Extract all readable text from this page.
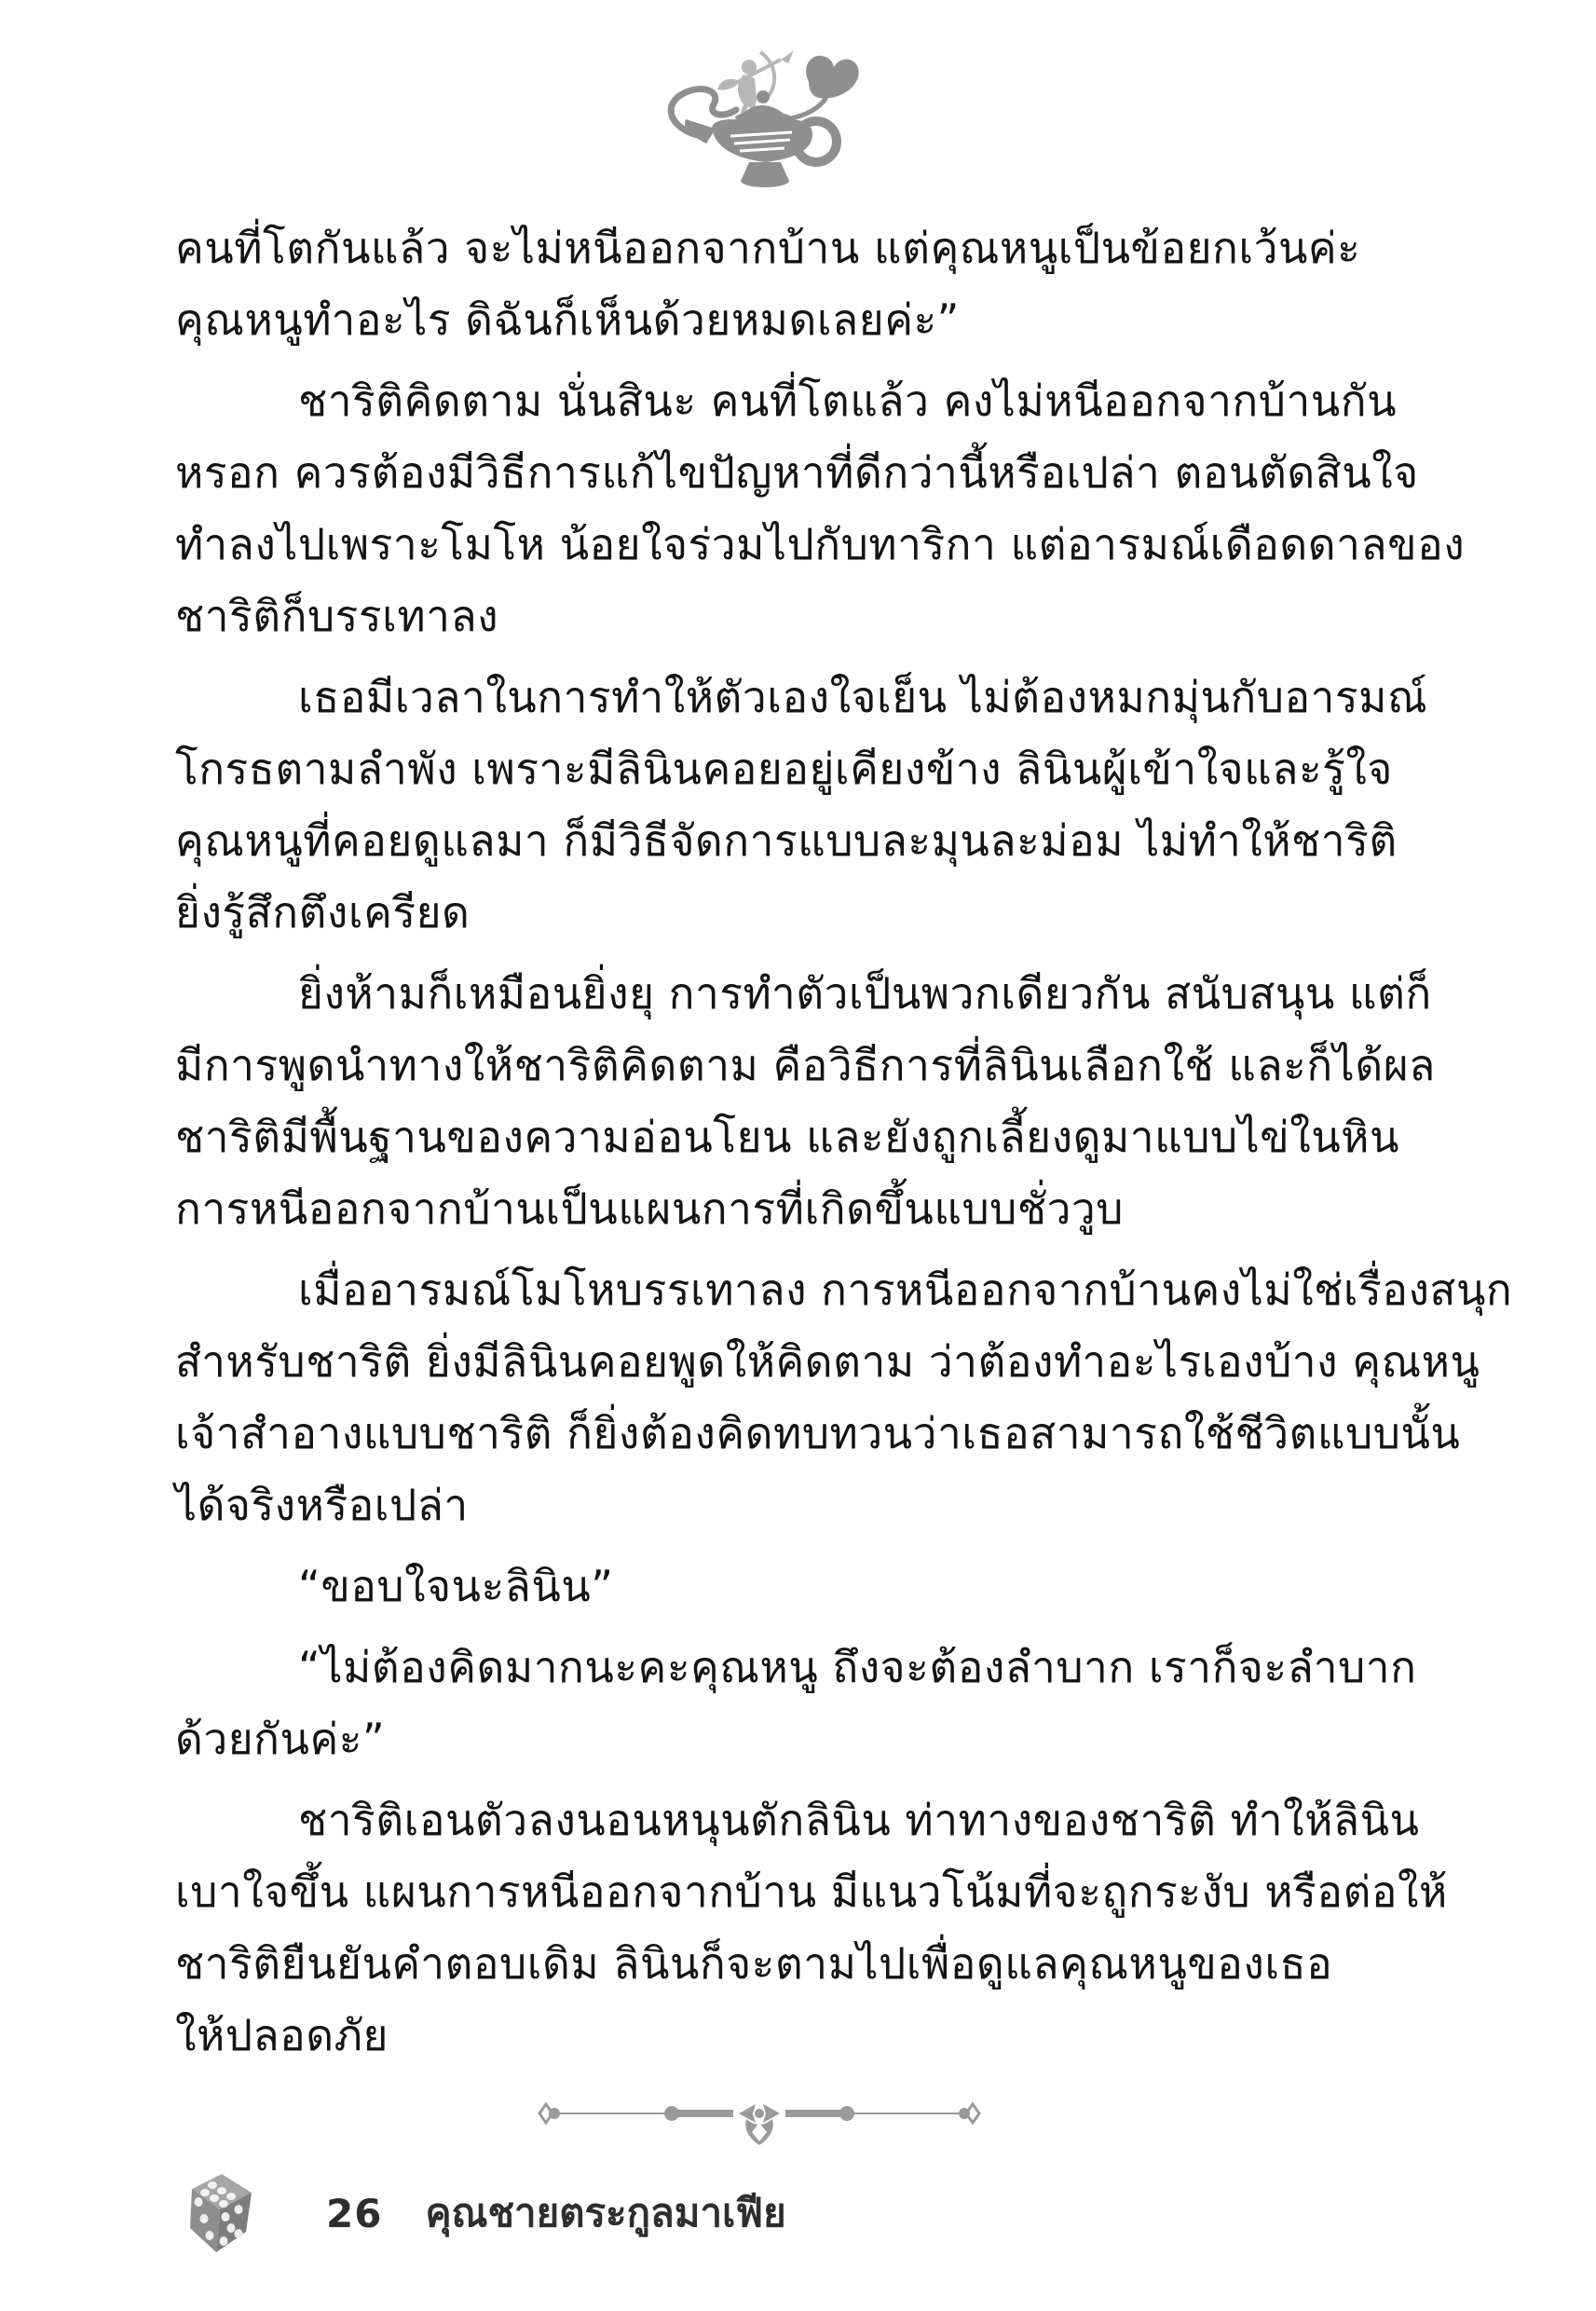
คนที่โตกันแล้ว จะไม่หนีออกจากบ้าน แต่คุณหนูเป็นข้อยกเว้นค่ะ
คุณหนูทำอะไร ดิฉันก็เห็นด้วยหมดเลยค่ะ”
ชาริติคิดตาม นั่นสินะ คนที่โตแล้ว คงไม่หนีออกจากบ้านกัน
หรอก ควรต้องมีวิธีการแก้ไขปัญหาที่ดีกว่านี้หรือเปล่า ตอนตัดสินใจ
ทำลงไปเพราะโมโห น้อยใจร่วมไปกับทาริกา แต่อารมณ์เดือดดาลของ
ชาริติก็บรรเทาลง
เธอมีเวลาในการทำให้ตัวเองใจเย็น ไม่ต้องหมกมุ่นกับอารมณ์
โกรธตามลำพัง เพราะมีลินินคอยอยู่เคียงข้าง ลินินผู้เข้าใจและรู้ใจ
คุณหนูที่คอยดูแลมา ก็มีวิธีจัดการแบบละมุนละม่อม ไม่ทำให้ชาริติ
ยิ่งรู้สึกตึงเครียด
ยิ่งห้ามก็เหมือนยิ่งยุ การทำตัวเป็นพวกเดียวกัน สนับสนุน แต่ก็
มีการพูดนำทางให้ชาริติคิดตาม คือวิธีการที่ลินินเลือกใช้ และก็ได้ผล
ชาริติมีพื้นฐานของความอ่อนโยน และยังถูกเลี้ยงดูมาแบบไข่ในหิน
การหนีออกจากบ้านเป็นแผนการที่เกิดขึ้นแบบชั่ววูบ
เมื่ออารมณ์โมโหบรรเทาลง การหนีออกจากบ้านคงไม่ใช่เรื่องสนุก
สำหรับชาริติ ยิ่งมีลินินคอยพูดให้คิดตาม ว่าต้องทำอะไรเองบ้าง คุณหนู
เจ้าสำอางแบบชาริติ ก็ยิ่งต้องคิดทบทวนว่าเธอสามารถใช้ชีวิตแบบนั้น
ได้จริงหรือเปล่า
“ขอบใจนะลินิน”
“ไม่ต้องคิดมากนะคะคุณหนู ถึงจะต้องลำบาก เราก็จะลำบาก
ด้วยกันค่ะ”
ชาริติเอนตัวลงนอนหนุนตักลินิน ท่าทางของชาริติ ทำให้ลินิน
เบาใจขึ้น แผนการหนีออกจากบ้าน มีแนวโน้มที่จะถูกระงับ หรือต่อให้
ชาริติยืนยันคำตอบเดิม ลินินก็จะตามไปเพื่อดูแลคุณหนูของเธอ
ให้ปลอดภัย
26 คุณชายตระกูลมาเฟีย
